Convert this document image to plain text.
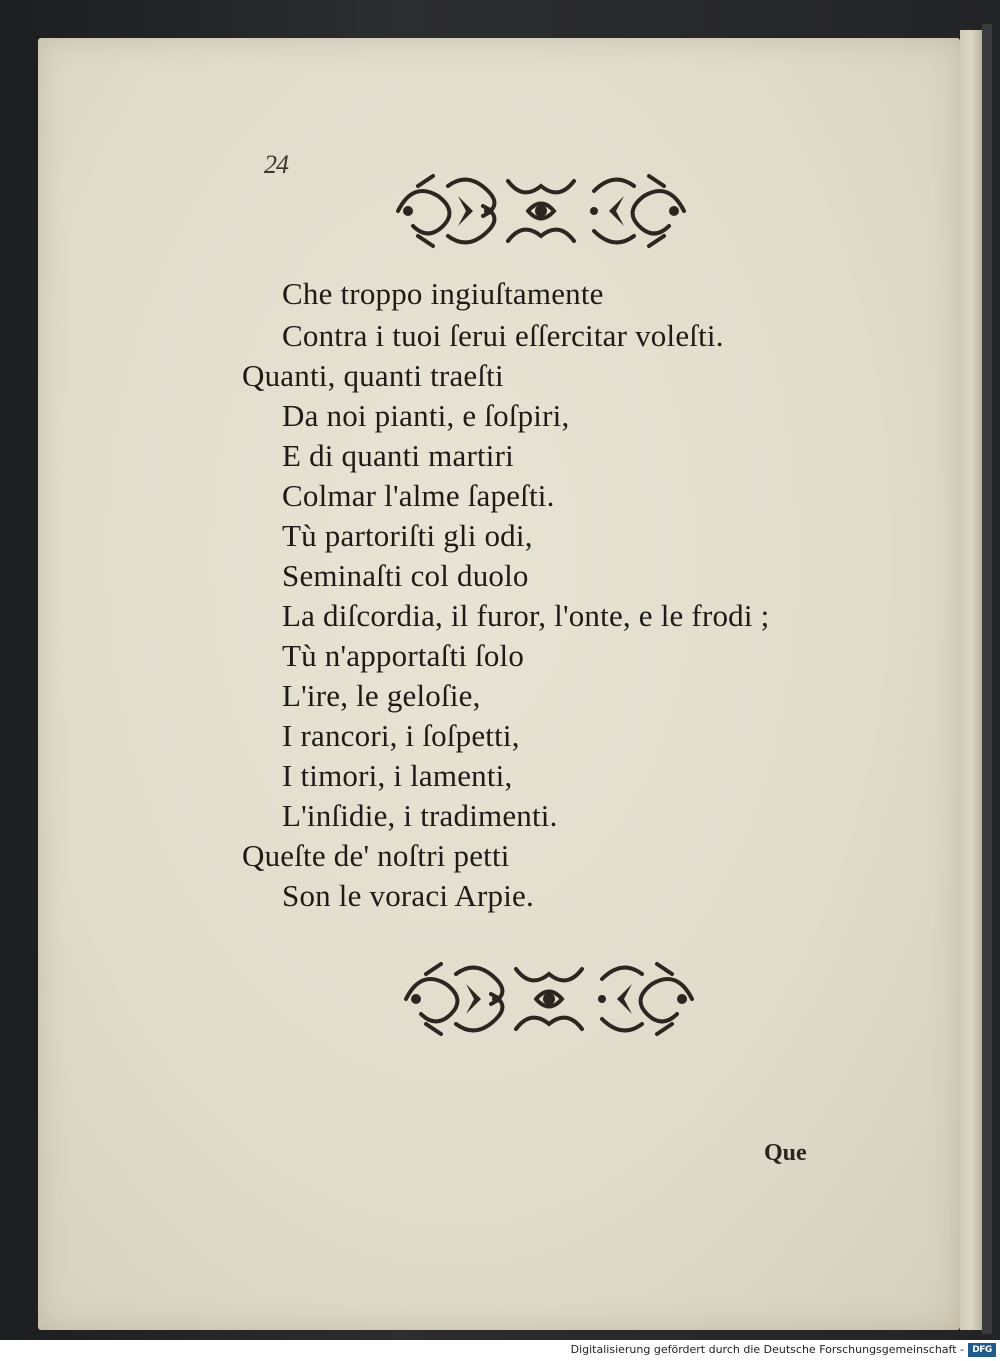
24
Che troppo ingiuſtamente
Contra i tuoi ſerui eſſercitar voleſti.
Quanti, quanti traeſti
Da noi pianti, e ſoſpiri,
E di quanti martiri
Colmar l'alme ſapeſti.
Tù partoriſti gli odi,
Seminaſti col duolo
La diſcordia, il furor, l'onte, e le frodi ;
Tù n'apportaſti ſolo
L'ire, le geloſie,
I rancori, i ſoſpetti,
I timori, i lamenti,
L'inſidie, i tradimenti.
Queſte de' noſtri petti
Son le voraci Arpie.
Que
Digitalisierung gefördert durch die Deutsche Forschungsgemeinschaft - DFG
